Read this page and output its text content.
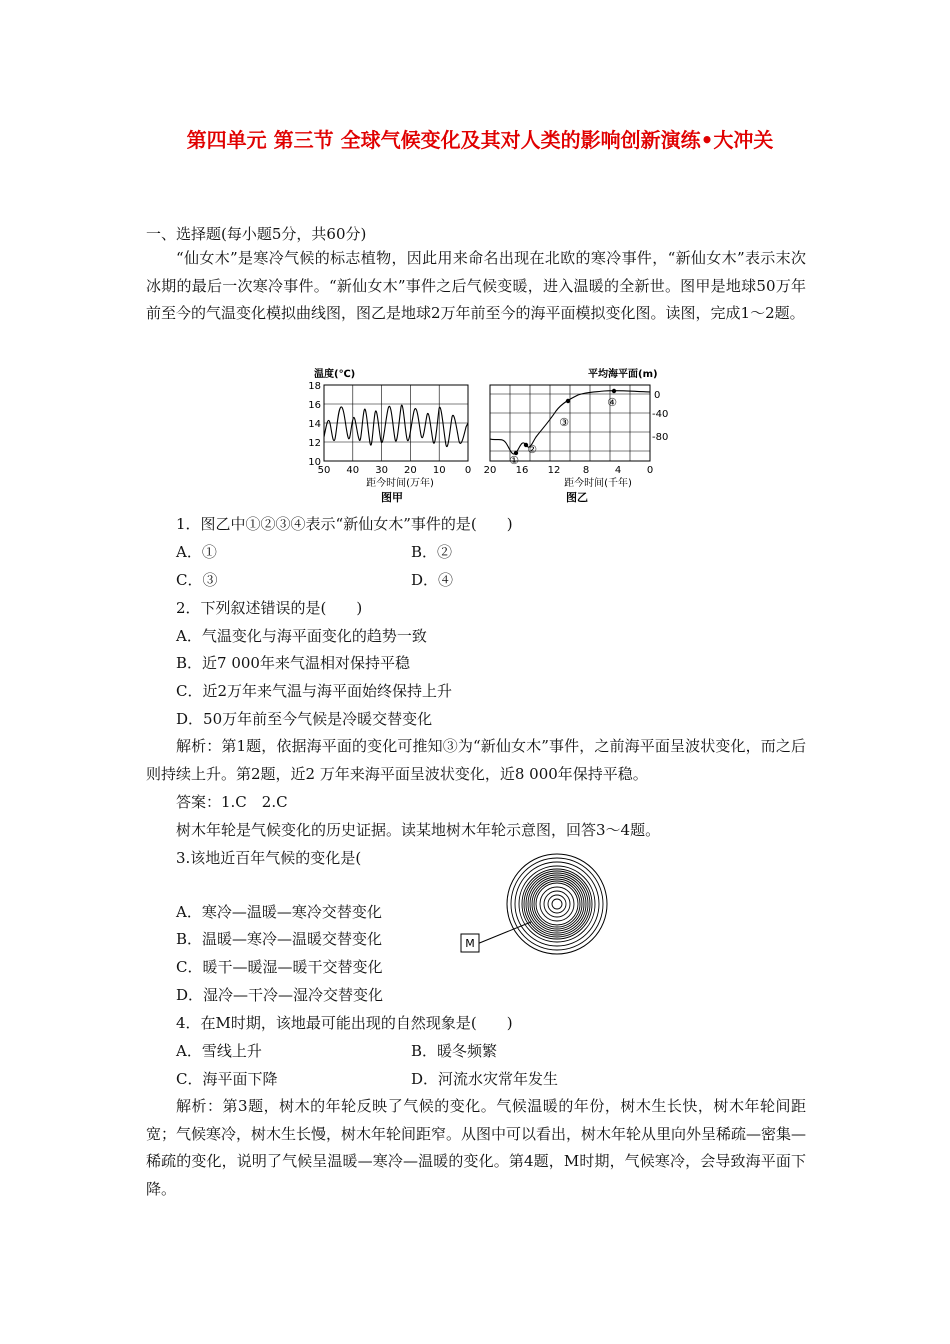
第四单元 第三节 全球气候变化及其对人类的影响创新演练•大冲关
一、选择题(每小题5分，共60分)
“仙女木”是寒冷气候的标志植物，因此用来命名出现在北欧的寒冷事件，“新仙女木”表示末次冰期的最后一次寒冷事件。“新仙女木”事件之后气候变暖，进入温暖的全新世。图甲是地球50万年前至今的气温变化模拟曲线图，图乙是地球2万年前至今的海平面模拟变化图。读图，完成1～2题。
温度(℃)
18
16
14
12
10
50 40 30 20 10 0
距今时间(万年)
图甲
平均海平面(m)
0
-40
-80
20 16 12 8	4	0
①
②
③
④
距今时间(千年)
图乙
1．图乙中①②③④表示“新仙女木”事件的是(　　)
A．①	B．②
C．③	D．④
2．下列叙述错误的是(　　)
A．气温变化与海平面变化的趋势一致
B．近7 000年来气温相对保持平稳
C．近2万年来气温与海平面始终保持上升
D．50万年前至今气候是冷暖交替变化
解析：第1题，依据海平面的变化可推知③为“新仙女木”事件，之前海平面呈波状变化，而之后则持续上升。第2题，近2 万年来海平面呈波状变化，近8 000年保持平稳。
答案：1.C　2.C
树木年轮是气候变化的历史证据。读某地树木年轮示意图，回答3～4题。
3.该地近百年气候的变化是(
A．寒冷—温暖—寒冷交替变化
B．温暖—寒冷—温暖交替变化
C．暖干—暖湿—暖干交替变化
D．湿冷—干冷—湿冷交替变化
M
4．在M时期，该地最可能出现的自然现象是(　　)
A．雪线上升	B．暖冬频繁
C．海平面下降	D．河流水灾常年发生
解析：第3题，树木的年轮反映了气候的变化。气候温暖的年份，树木生长快，树木年轮间距宽；气候寒冷，树木生长慢，树木年轮间距窄。从图中可以看出，树木年轮从里向外呈稀疏—密集—稀疏的变化，说明了气候呈温暖—寒冷—温暖的变化。第4题，M时期，气候寒冷，会导致海平面下降。
